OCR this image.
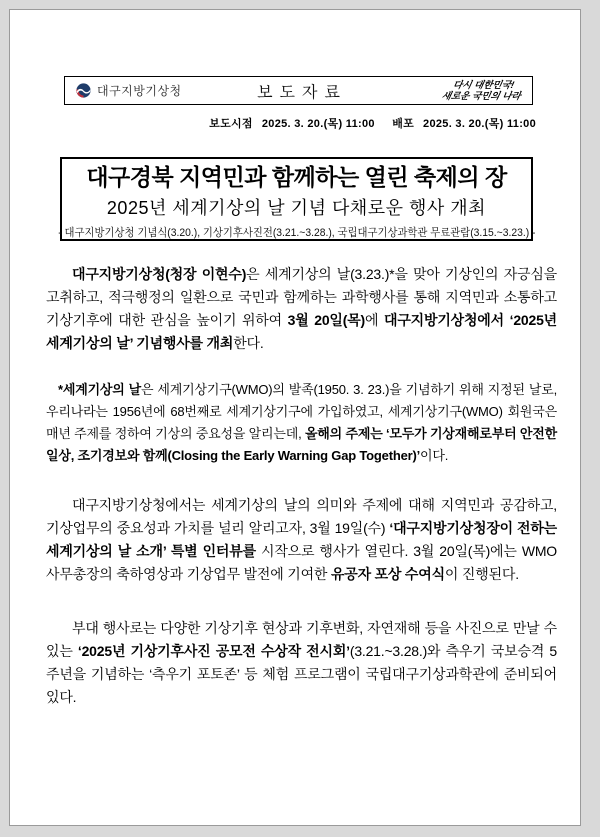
대구지방기상청	보도자료	다시 대한민국!
새로운 국민의 나라
보도시점 2025. 3. 20.(목) 11:00 배포 2025. 3. 20.(목) 11:00
대구경북 지역민과 함께하는 열린 축제의 장
2025년 세계기상의 날 기념 다채로운 행사 개최
- 대구지방기상청 기념식(3.20.), 기상기후사진전(3.21.~3.28.), 국립대구기상과학관 무료관람(3.15.~3.23.) -

대구지방기상청(청장 이현수)은 세계기상의 날(3.23.)*을 맞아 기상인의 자긍심을 고취하고, 적극행정의 일환으로 국민과 함께하는 과학행사를 통해 지역민과 소통하고 기상기후에 대한 관심을 높이기 위하여 3월 20일(목)에 대구지방기상청에서 ‘2025년 세계기상의 날’ 기념행사를 개최한다.

*세계기상의 날은 세계기상기구(WMO)의 발족(1950. 3. 23.)을 기념하기 위해 지정된 날로, 우리나라는 1956년에 68번째로 세계기상기구에 가입하였고, 세계기상기구(WMO) 회원국은 매년 주제를 정하여 기상의 중요성을 알리는데, 올해의 주제는 ‘모두가 기상재해로부터 안전한 일상, 조기경보와 함께(Closing the Early Warning Gap Together)’이다.

대구지방기상청에서는 세계기상의 날의 의미와 주제에 대해 지역민과 공감하고, 기상업무의 중요성과 가치를 널리 알리고자, 3월 19일(수) ‘대구지방기상청장이 전하는 세계기상의 날 소개’ 특별 인터뷰를 시작으로 행사가 열린다. 3월 20일(목)에는 WMO 사무총장의 축하영상과 기상업무 발전에 기여한 유공자 포상 수여식이 진행된다.

부대 행사로는 다양한 기상기후 현상과 기후변화, 자연재해 등을 사진으로 만날 수 있는 ‘2025년 기상기후사진 공모전 수상작 전시회’(3.21.~3.28.)와 측우기 국보승격 5주년을 기념하는 ‘측우기 포토존’ 등 체험 프로그램이 국립대구기상과학관에 준비되어 있다.
